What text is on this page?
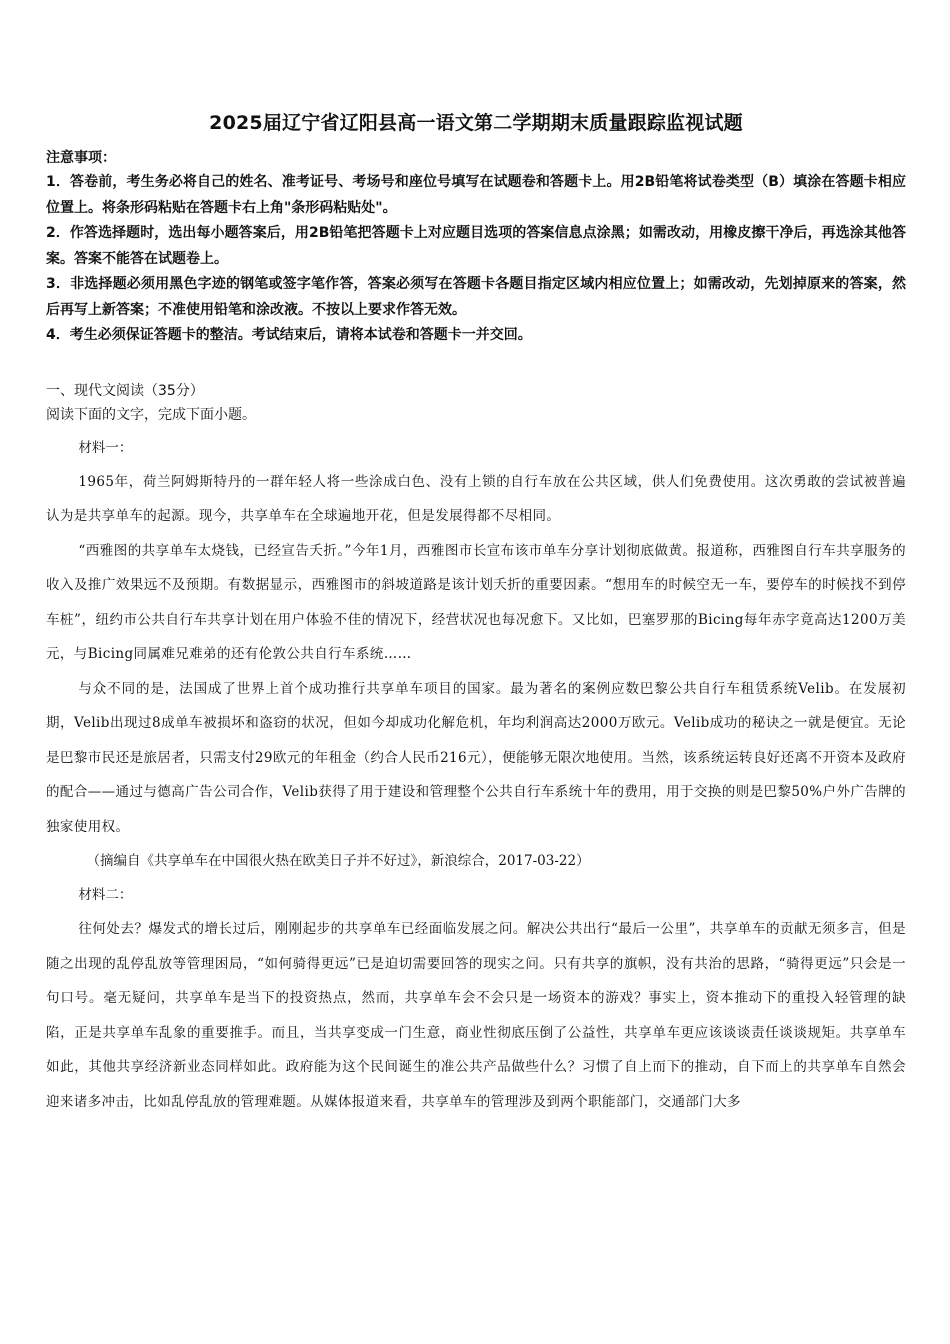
2025届辽宁省辽阳县高一语文第二学期期末质量跟踪监视试题

注意事项：

1．答卷前，考生务必将自己的姓名、准考证号、考场号和座位号填写在试题卷和答题卡上。用2B铅笔将试卷类型（B）填涂在答题卡相应位置上。将条形码粘贴在答题卡右上角"条形码粘贴处"。

2．作答选择题时，选出每小题答案后，用2B铅笔把答题卡上对应题目选项的答案信息点涂黑；如需改动，用橡皮擦干净后，再选涂其他答案。答案不能答在试题卷上。

3．非选择题必须用黑色字迹的钢笔或签字笔作答，答案必须写在答题卡各题目指定区域内相应位置上；如需改动，先划掉原来的答案，然后再写上新答案；不准使用铅笔和涂改液。不按以上要求作答无效。

4．考生必须保证答题卡的整洁。考试结束后，请将本试卷和答题卡一并交回。

一、现代文阅读（35分）

阅读下面的文字，完成下面小题。

材料一：

1965年，荷兰阿姆斯特丹的一群年轻人将一些涂成白色、没有上锁的自行车放在公共区域，供人们免费使用。这次勇敢的尝试被普遍认为是共享单车的起源。现今，共享单车在全球遍地开花，但是发展得都不尽相同。

“西雅图的共享单车太烧钱，已经宣告夭折。”今年1月，西雅图市长宣布该市单车分享计划彻底做黄。报道称，西雅图自行车共享服务的收入及推广效果远不及预期。有数据显示，西雅图市的斜坡道路是该计划夭折的重要因素。“想用车的时候空无一车，要停车的时候找不到停车桩”，纽约市公共自行车共享计划在用户体验不佳的情况下，经营状况也每况愈下。又比如，巴塞罗那的Bicing每年赤字竟高达1200万美元，与Bicing同属难兄难弟的还有伦敦公共自行车系统……

与众不同的是，法国成了世界上首个成功推行共享单车项目的国家。最为著名的案例应数巴黎公共自行车租赁系统Velib。在发展初期，Velib出现过8成单车被损坏和盗窃的状况，但如今却成功化解危机，年均利润高达2000万欧元。Velib成功的秘诀之一就是便宜。无论是巴黎市民还是旅居者，只需支付29欧元的年租金（约合人民币216元），便能够无限次地使用。当然，该系统运转良好还离不开资本及政府的配合——通过与德高广告公司合作，Velib获得了用于建设和管理整个公共自行车系统十年的费用，用于交换的则是巴黎50%户外广告牌的独家使用权。

（摘编自《共享单车在中国很火热在欧美日子并不好过》，新浪综合，2017-03-22）

材料二：

往何处去？爆发式的增长过后，刚刚起步的共享单车已经面临发展之问。解决公共出行“最后一公里”，共享单车的贡献无须多言，但是随之出现的乱停乱放等管理困局，“如何骑得更远”已是迫切需要回答的现实之问。只有共享的旗帜，没有共治的思路，“骑得更远”只会是一句口号。毫无疑问，共享单车是当下的投资热点，然而，共享单车会不会只是一场资本的游戏？事实上，资本推动下的重投入轻管理的缺陷，正是共享单车乱象的重要推手。而且，当共享变成一门生意，商业性彻底压倒了公益性，共享单车更应该谈谈责任谈谈规矩。共享单车如此，其他共享经济新业态同样如此。政府能为这个民间诞生的准公共产品做些什么？习惯了自上而下的推动，自下而上的共享单车自然会迎来诸多冲击，比如乱停乱放的管理难题。从媒体报道来看，共享单车的管理涉及到两个职能部门，交通部门大多
